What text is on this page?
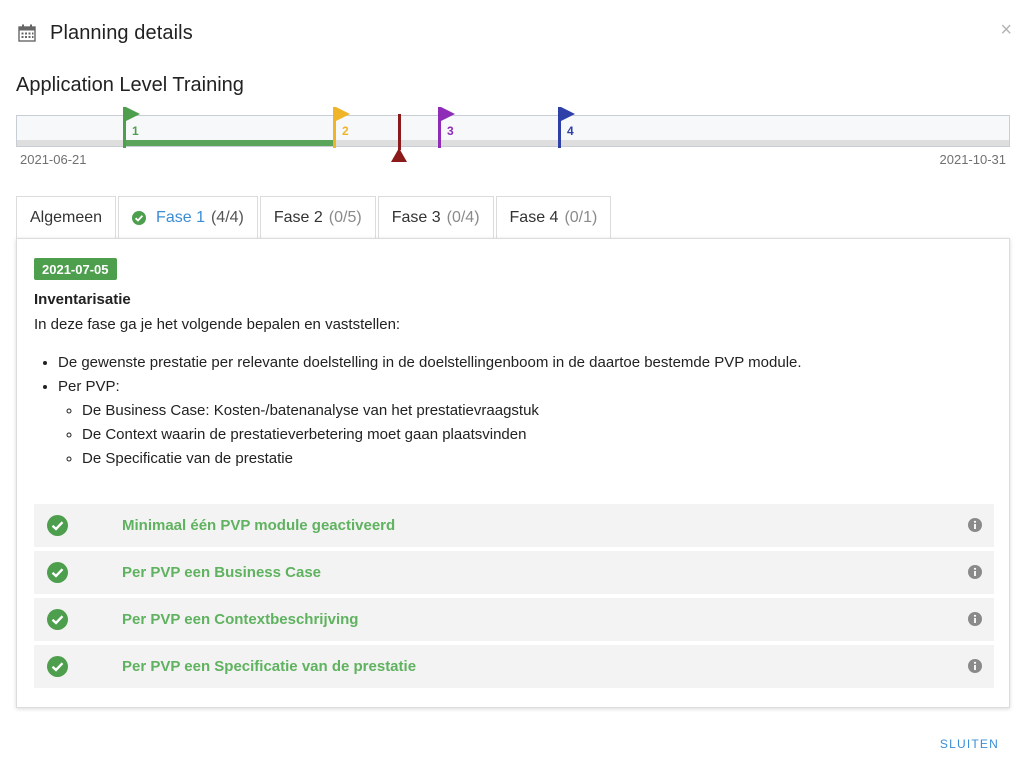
Planning details	×
Application Level Training
1	2	3	4
2021-06-21	2021-10-31
Algemeen	Fase 1 (4/4) Fase 2 (0/5) Fase 3 (0/4) Fase 4 (0/1)
2021-07-05
Inventarisatie
In deze fase ga je het volgende bepalen en vaststellen:
• De gewenste prestatie per relevante doelstelling in de doelstellingenboom in de daartoe bestemde PVP module.
• Per PVP:
◦ De Business Case: Kosten-/batenanalyse van het prestatievraagstuk
◦ De Context waarin de prestatieverbetering moet gaan plaatsvinden
◦ De Specificatie van de prestatie
Minimaal één PVP module geactiveerd
Per PVP een Business Case
Per PVP een Contextbeschrijving
Per PVP een Specificatie van de prestatie
SLUITEN
